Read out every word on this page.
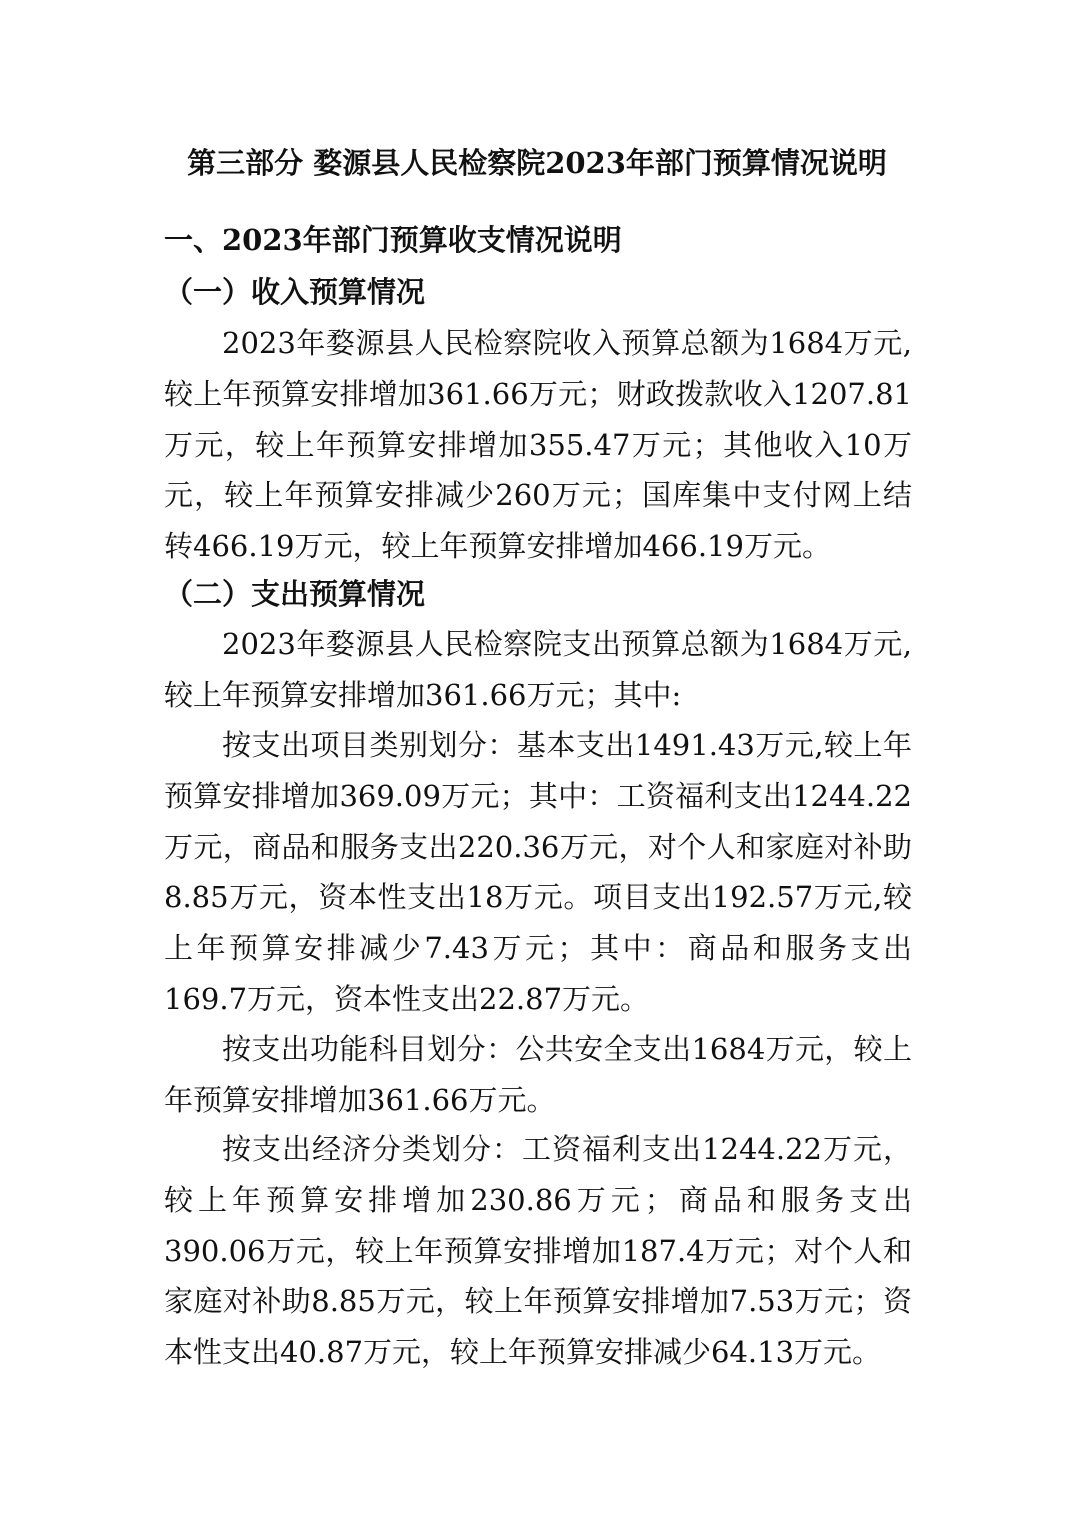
第三部分 婺源县人民检察院2023年部门预算情况说明
一、2023年部门预算收支情况说明
（一）收入预算情况

2023年婺源县人民检察院收入预算总额为1684万元,较上年预算安排增加361.66万元；财政拨款收入1207.81万元，较上年预算安排增加355.47万元；其他收入10万元，较上年预算安排减少260万元；国库集中支付网上结转466.19万元，较上年预算安排增加466.19万元。

（二）支出预算情况

2023年婺源县人民检察院支出预算总额为1684万元,较上年预算安排增加361.66万元；其中:

按支出项目类别划分：基本支出1491.43万元,较上年预算安排增加369.09万元；其中：工资福利支出1244.22万元，商品和服务支出220.36万元，对个人和家庭对补助8.85万元，资本性支出18万元。项目支出192.57万元,较上年预算安排减少7.43万元；其中：商品和服务支出169.7万元，资本性支出22.87万元。

按支出功能科目划分：公共安全支出1684万元，较上年预算安排增加361.66万元。

按支出经济分类划分：工资福利支出1244.22万元，较上年预算安排增加230.86万元；商品和服务支出390.06万元，较上年预算安排增加187.4万元；对个人和家庭对补助8.85万元，较上年预算安排增加7.53万元；资本性支出40.87万元，较上年预算安排减少64.13万元。
